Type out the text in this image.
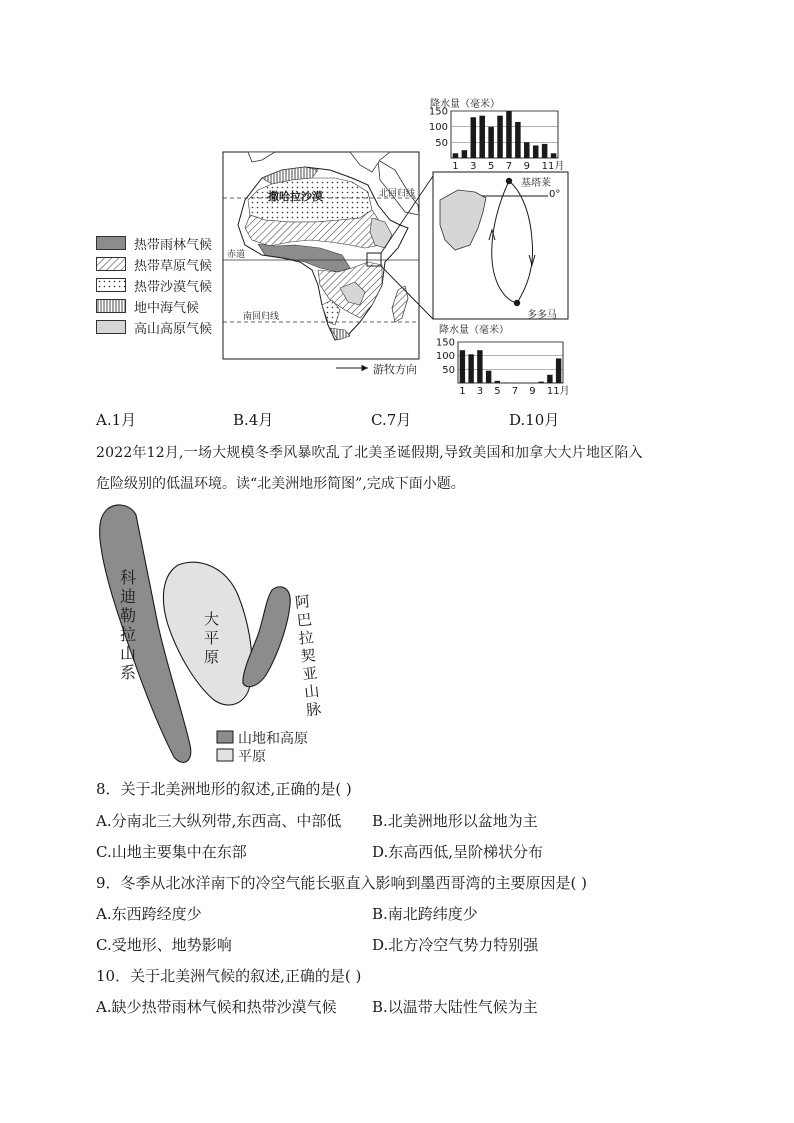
150
100
50
1 3 5 7 9 11月
150
100
50
1 3 5 7 9 11月
热带雨林气候
热带草原气候
热带沙漠气候
地中海气候
高山高原气候
撒哈拉沙漠	北回归线
赤道
南回归线
游牧方向
基塔莱
多多马
0°
降水量（毫米）
降水量（毫米）
A.1月	B.4月	C.7月	D.10月
2022年12月,一场大规模冬季风暴吹乱了北美圣诞假期,导致美国和加拿大大片地区陷入
危险级别的低温环境。读“北美洲地形简图”,完成下面小题。
科迪勒拉山系
大平原
阿巴拉契亚山脉
山地和高原
平原
8．关于北美洲地形的叙述,正确的是( )
A.分南北三大纵列带,东西高、中部低 B.北美洲地形以盆地为主
C.山地主要集中在东部	D.东高西低,呈阶梯状分布
9．冬季从北冰洋南下的冷空气能长驱直入影响到墨西哥湾的主要原因是( )
A.东西跨经度少	B.南北跨纬度少
C.受地形、地势影响	D.北方冷空气势力特别强
10．关于北美洲气候的叙述,正确的是( )
A.缺少热带雨林气候和热带沙漠气候 B.以温带大陆性气候为主
